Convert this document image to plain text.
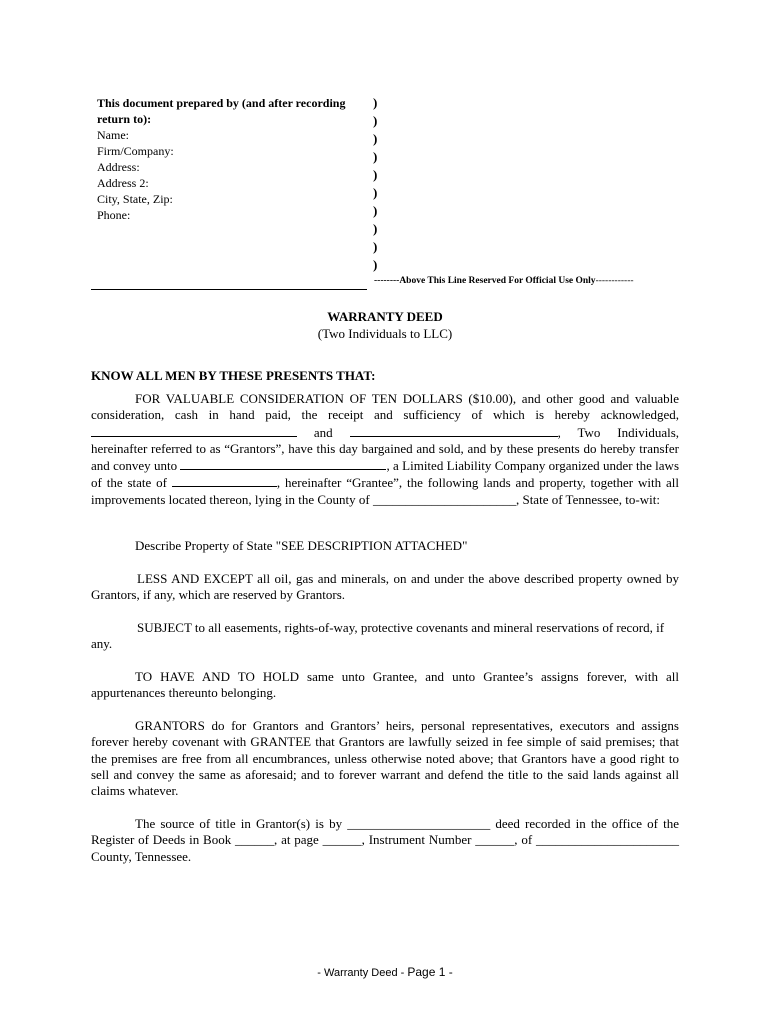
This document prepared by (and after recording return to):
Name:
Firm/Company:
Address:
Address 2:
City, State, Zip:
Phone:
)
)
)
)
)
)
)
)
)
)
--------Above This Line Reserved For Official Use Only------------
WARRANTY DEED
(Two Individuals to LLC)
KNOW ALL MEN BY THESE PRESENTS THAT:
FOR VALUABLE CONSIDERATION OF TEN DOLLARS ($10.00), and other good and valuable consideration, cash in hand paid, the receipt and sufficiency of which is hereby acknowledged,  and	, Two Individuals, hereinafter referred to as “Grantors”, have this day bargained and sold, and by these presents do hereby transfer and convey unto	, a Limited Liability Company organized under the laws of the state of	, hereinafter “Grantee”, the following lands and property, together with all improvements located thereon, lying in the County of ______________________, State of Tennessee, to-wit:
Describe Property of State "SEE DESCRIPTION ATTACHED"
LESS AND EXCEPT all oil, gas and minerals, on and under the above described property owned by Grantors, if any, which are reserved by Grantors.
SUBJECT to all easements, rights-of-way, protective covenants and mineral reservations of record, if any.
TO HAVE AND TO HOLD same unto Grantee, and unto Grantee’s assigns forever, with all appurtenances thereunto belonging.
GRANTORS do for Grantors and Grantors’ heirs, personal representatives, executors and assigns forever hereby covenant with GRANTEE that Grantors are lawfully seized in fee simple of said premises; that the premises are free from all encumbrances, unless otherwise noted above; that Grantors have a good right to sell and convey the same as aforesaid; and to forever warrant and defend the title to the said lands against all claims whatever.
The source of title in Grantor(s) is by ______________________ deed recorded in the office of the Register of Deeds in Book ______, at page ______, Instrument Number ______, of ______________________ County, Tennessee.
- Warranty Deed - Page 1 -
